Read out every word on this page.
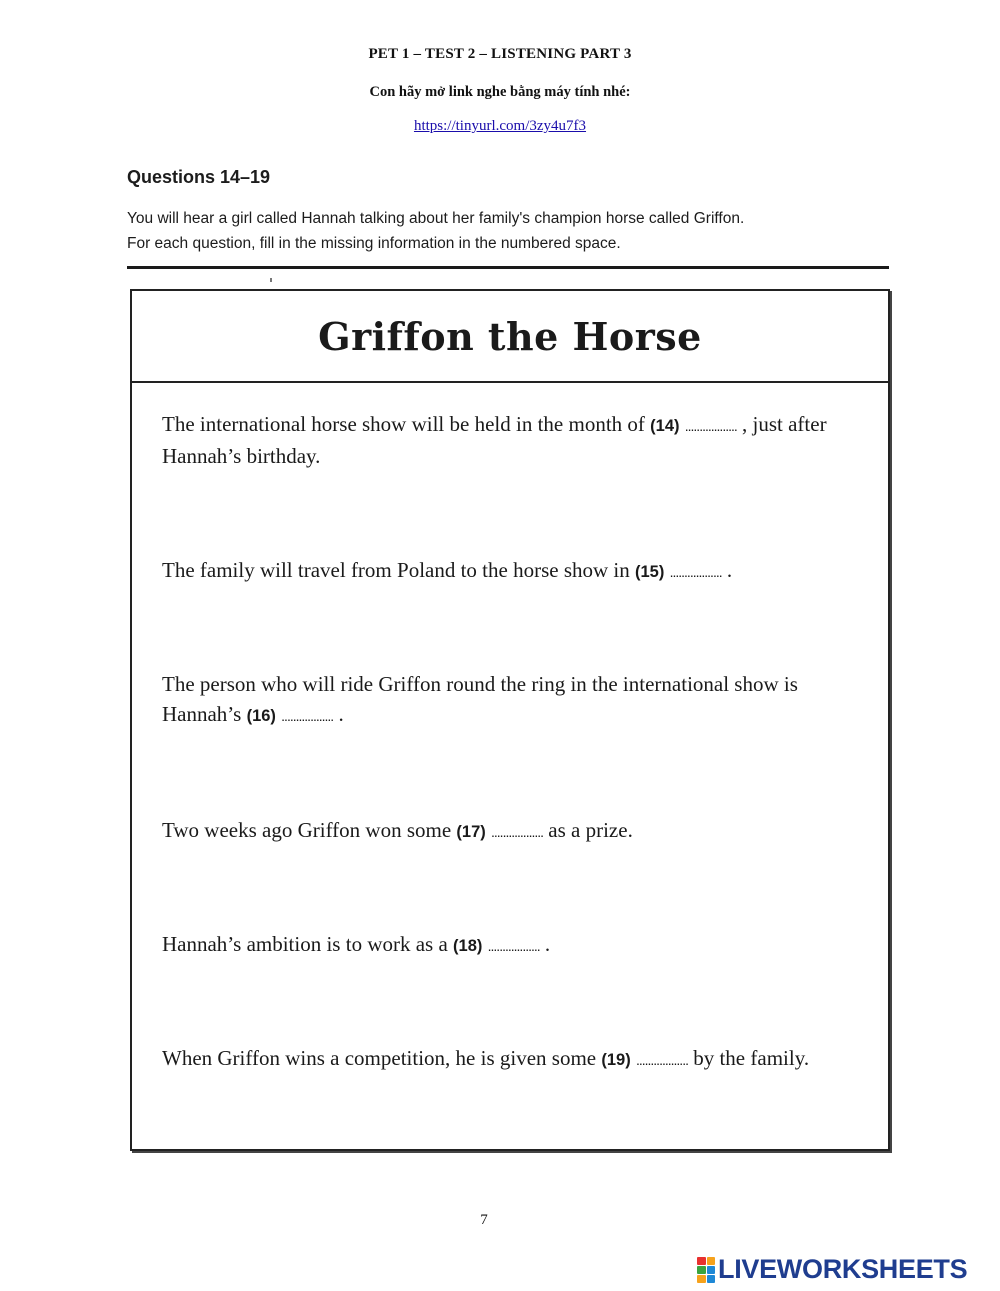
PET 1 – TEST 2 – LISTENING PART 3
Con hãy mở link nghe bằng máy tính nhé:
https://tinyurl.com/3zy4u7f3
Questions 14–19
You will hear a girl called Hannah talking about her family's champion horse called Griffon.
For each question, fill in the missing information in the numbered space.
Griffon the Horse
The international horse show will be held in the month of (14) .................. , just after Hannah’s birthday.
The family will travel from Poland to the horse show in (15) .................. .
The person who will ride Griffon round the ring in the international show is Hannah’s (16) .................. .
Two weeks ago Griffon won some (17) .................. as a prize.
Hannah’s ambition is to work as a (18) .................. .
When Griffon wins a competition, he is given some (19) .................. by the family.
7
LIVEWORKSHEETS
